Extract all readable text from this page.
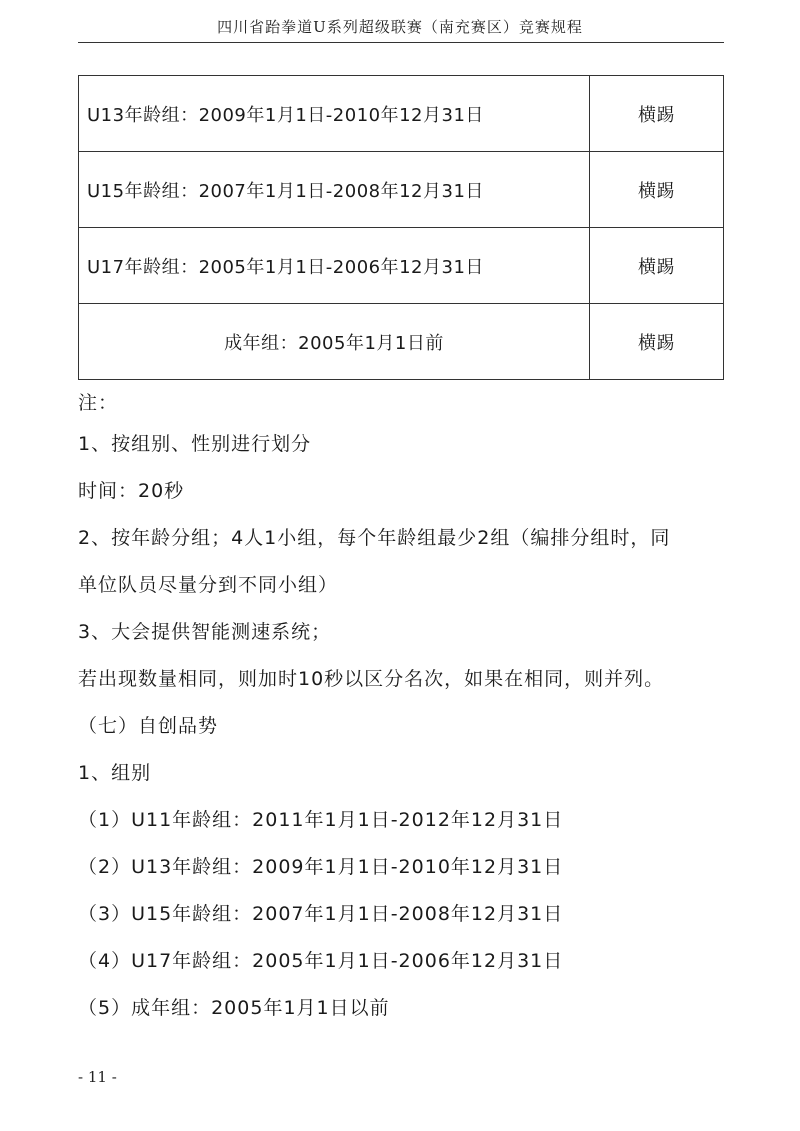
四川省跆拳道U系列超级联赛（南充赛区）竞赛规程
U13年龄组：2009年1月1日-2010年12月31日	横踢
U15年龄组：2007年1月1日-2008年12月31日	横踢
U17年龄组：2005年1月1日-2006年12月31日	横踢
成年组：2005年1月1日前	横踢
注：
1、按组别、性别进行划分
时间：20秒
2、按年龄分组；4人1小组，每个年龄组最少2组（编排分组时，同
单位队员尽量分到不同小组）
3、大会提供智能测速系统；
若出现数量相同，则加时10秒以区分名次，如果在相同，则并列。
（七）自创品势
1、组别
（1）U11年龄组：2011年1月1日-2012年12月31日
（2）U13年龄组：2009年1月1日-2010年12月31日
（3）U15年龄组：2007年1月1日-2008年12月31日
（4）U17年龄组：2005年1月1日-2006年12月31日
（5）成年组：2005年1月1日以前
- 11 -
